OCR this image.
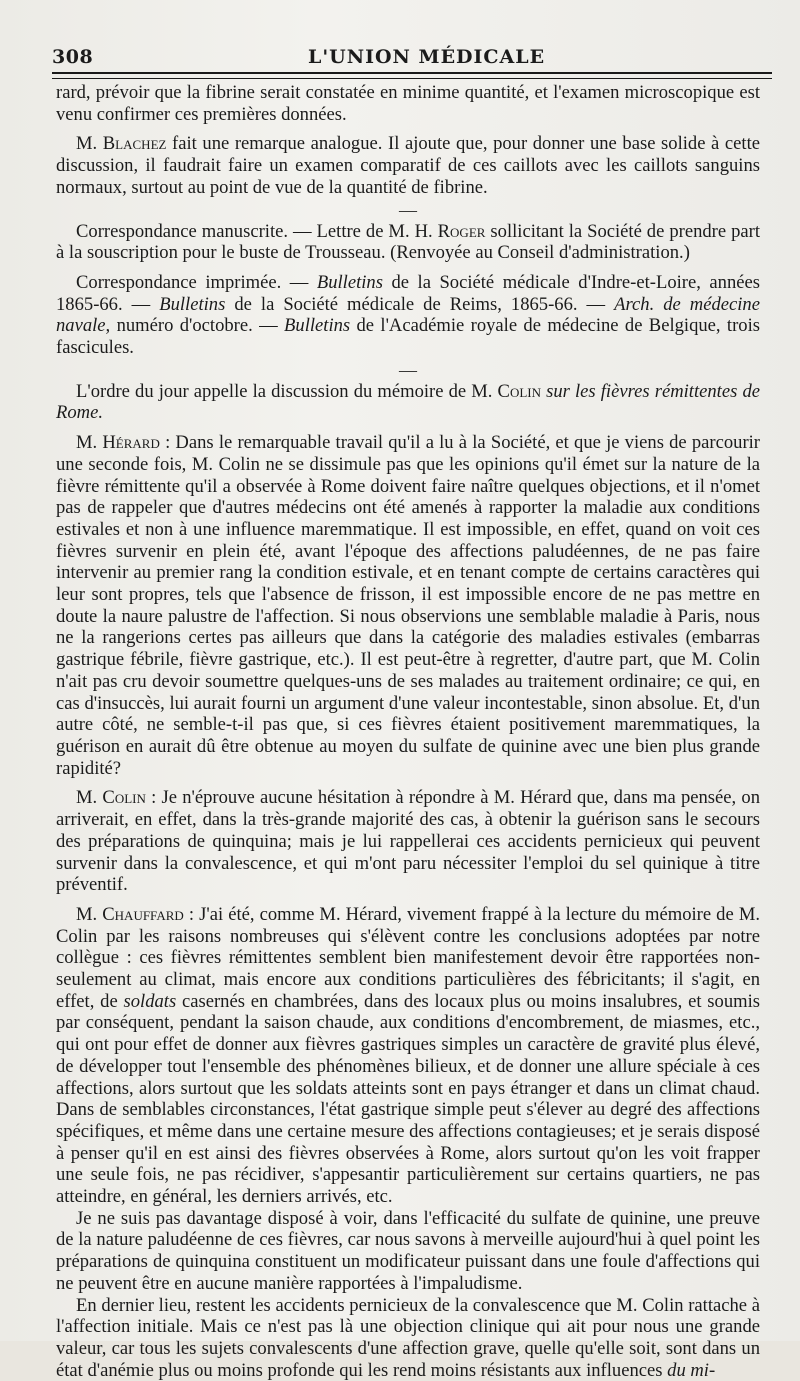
308	L'UNION MÉDICALE

rard, prévoir que la fibrine serait constatée en minime quantité, et l'examen microscopique est venu confirmer ces premières données.

M. Blachez fait une remarque analogue. Il ajoute que, pour donner une base solide à cette discussion, il faudrait faire un examen comparatif de ces caillots avec les caillots sanguins normaux, surtout au point de vue de la quantité de fibrine.

—

Correspondance manuscrite. — Lettre de M. H. Roger sollicitant la Société de prendre part à la souscription pour le buste de Trousseau. (Renvoyée au Conseil d'administration.)

Correspondance imprimée. — Bulletins de la Société médicale d'Indre-et-Loire, années 1865-66. — Bulletins de la Société médicale de Reims, 1865-66. — Arch. de médecine navale, numéro d'octobre. — Bulletins de l'Académie royale de médecine de Belgique, trois fascicules.

—

L'ordre du jour appelle la discussion du mémoire de M. Colin sur les fièvres rémittentes de Rome.

M. Hérard : Dans le remarquable travail qu'il a lu à la Société, et que je viens de parcourir une seconde fois, M. Colin ne se dissimule pas que les opinions qu'il émet sur la nature de la fièvre rémittente qu'il a observée à Rome doivent faire naître quelques objections, et il n'omet pas de rappeler que d'autres médecins ont été amenés à rapporter la maladie aux conditions estivales et non à une influence maremmatique. Il est impossible, en effet, quand on voit ces fièvres survenir en plein été, avant l'époque des affections paludéennes, de ne pas faire intervenir au premier rang la condition estivale, et en tenant compte de certains caractères qui leur sont propres, tels que l'absence de frisson, il est impossible encore de ne pas mettre en doute la naure palustre de l'affection. Si nous observions une semblable maladie à Paris, nous ne la rangerions certes pas ailleurs que dans la catégorie des maladies estivales (embarras gastrique fébrile, fièvre gastrique, etc.). Il est peut-être à regretter, d'autre part, que M. Colin n'ait pas cru devoir soumettre quelques-uns de ses malades au traitement ordinaire; ce qui, en cas d'insuccès, lui aurait fourni un argument d'une valeur incontestable, sinon absolue. Et, d'un autre côté, ne semble-t-il pas que, si ces fièvres étaient positivement maremmatiques, la guérison en aurait dû être obtenue au moyen du sulfate de quinine avec une bien plus grande rapidité?

M. Colin : Je n'éprouve aucune hésitation à répondre à M. Hérard que, dans ma pensée, on arriverait, en effet, dans la très-grande majorité des cas, à obtenir la guérison sans le secours des préparations de quinquina; mais je lui rappellerai ces accidents pernicieux qui peuvent survenir dans la convalescence, et qui m'ont paru nécessiter l'emploi du sel quinique à titre préventif.

M. Chauffard : J'ai été, comme M. Hérard, vivement frappé à la lecture du mémoire de M. Colin par les raisons nombreuses qui s'élèvent contre les conclusions adoptées par notre collègue : ces fièvres rémittentes semblent bien manifestement devoir être rapportées non-seulement au climat, mais encore aux conditions particulières des fébricitants; il s'agit, en effet, de soldats casernés en chambrées, dans des locaux plus ou moins insalubres, et soumis par conséquent, pendant la saison chaude, aux conditions d'encombrement, de miasmes, etc., qui ont pour effet de donner aux fièvres gastriques simples un caractère de gravité plus élevé, de développer tout l'ensemble des phénomènes bilieux, et de donner une allure spéciale à ces affections, alors surtout que les soldats atteints sont en pays étranger et dans un climat chaud. Dans de semblables circonstances, l'état gastrique simple peut s'élever au degré des affections spécifiques, et même dans une certaine mesure des affections contagieuses; et je serais disposé à penser qu'il en est ainsi des fièvres observées à Rome, alors surtout qu'on les voit frapper une seule fois, ne pas récidiver, s'appesantir particulièrement sur certains quartiers, ne pas atteindre, en général, les derniers arrivés, etc.

Je ne suis pas davantage disposé à voir, dans l'efficacité du sulfate de quinine, une preuve de la nature paludéenne de ces fièvres, car nous savons à merveille aujourd'hui à quel point les préparations de quinquina constituent un modificateur puissant dans une foule d'affections qui ne peuvent être en aucune manière rapportées à l'impaludisme.

En dernier lieu, restent les accidents pernicieux de la convalescence que M. Colin rattache à l'affection initiale. Mais ce n'est pas là une objection clinique qui ait pour nous une grande valeur, car tous les sujets convalescents d'une affection grave, quelle qu'elle soit, sont dans un état d'anémie plus ou moins profonde qui les rend moins résistants aux influences du mi-
